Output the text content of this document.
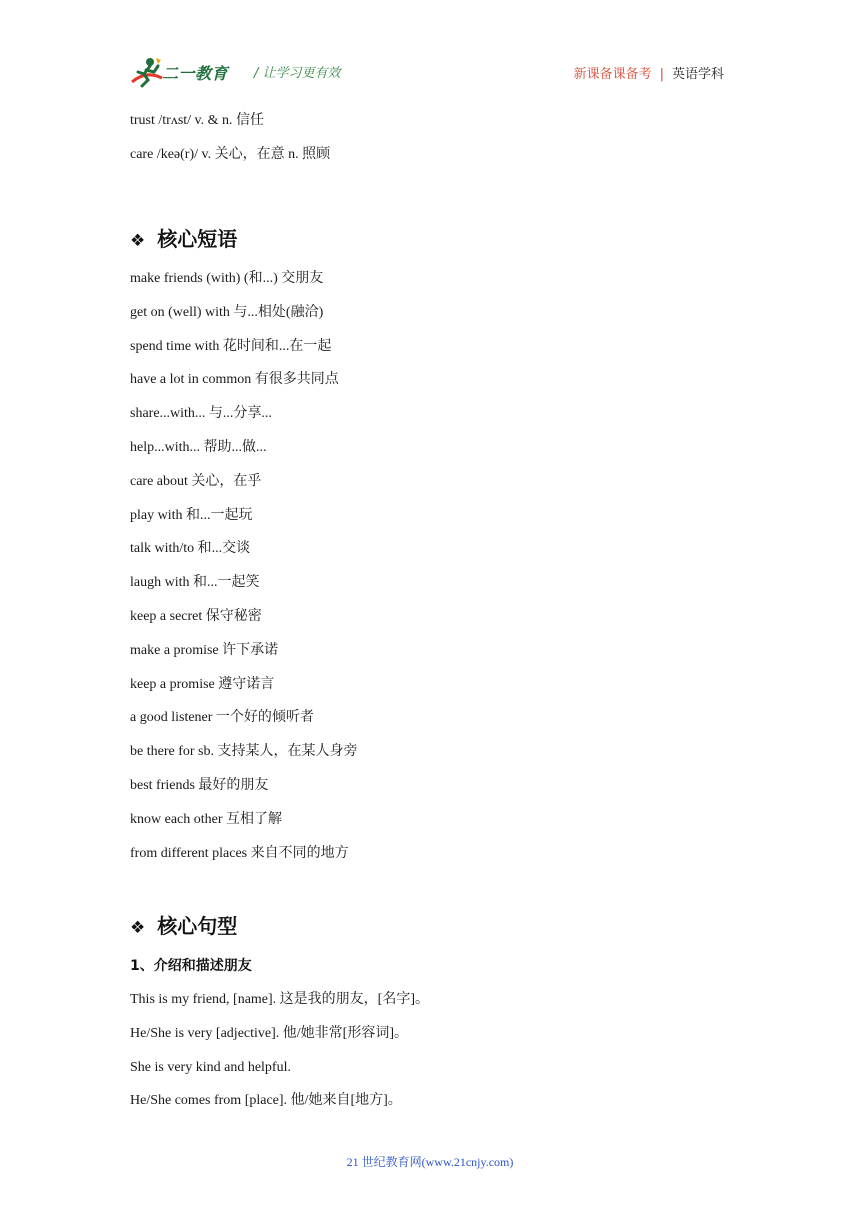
二一教育 / 让学习更有效	新课备课备考 | 英语学科
trust /trʌst/ v. & n. 信任
care /keə(r)/ v. 关心，在意 n. 照顾
❖ 核心短语
make friends (with) (和...) 交朋友
get on (well) with 与...相处(融洽)
spend time with 花时间和...在一起
have a lot in common 有很多共同点
share...with... 与...分享...
help...with... 帮助...做...
care about 关心，在乎
play with 和...一起玩
talk with/to 和...交谈
laugh with 和...一起笑
keep a secret 保守秘密
make a promise 许下承诺
keep a promise 遵守诺言
a good listener 一个好的倾听者
be there for sb. 支持某人，在某人身旁
best friends 最好的朋友
know each other 互相了解
from different places 来自不同的地方
❖ 核心句型
1、介绍和描述朋友
This is my friend, [name]. 这是我的朋友，[名字]。
He/She is very [adjective]. 他/她非常[形容词]。
She is very kind and helpful.
He/She comes from [place]. 他/她来自[地方]。
21 世纪教育网(www.21cnjy.com)
